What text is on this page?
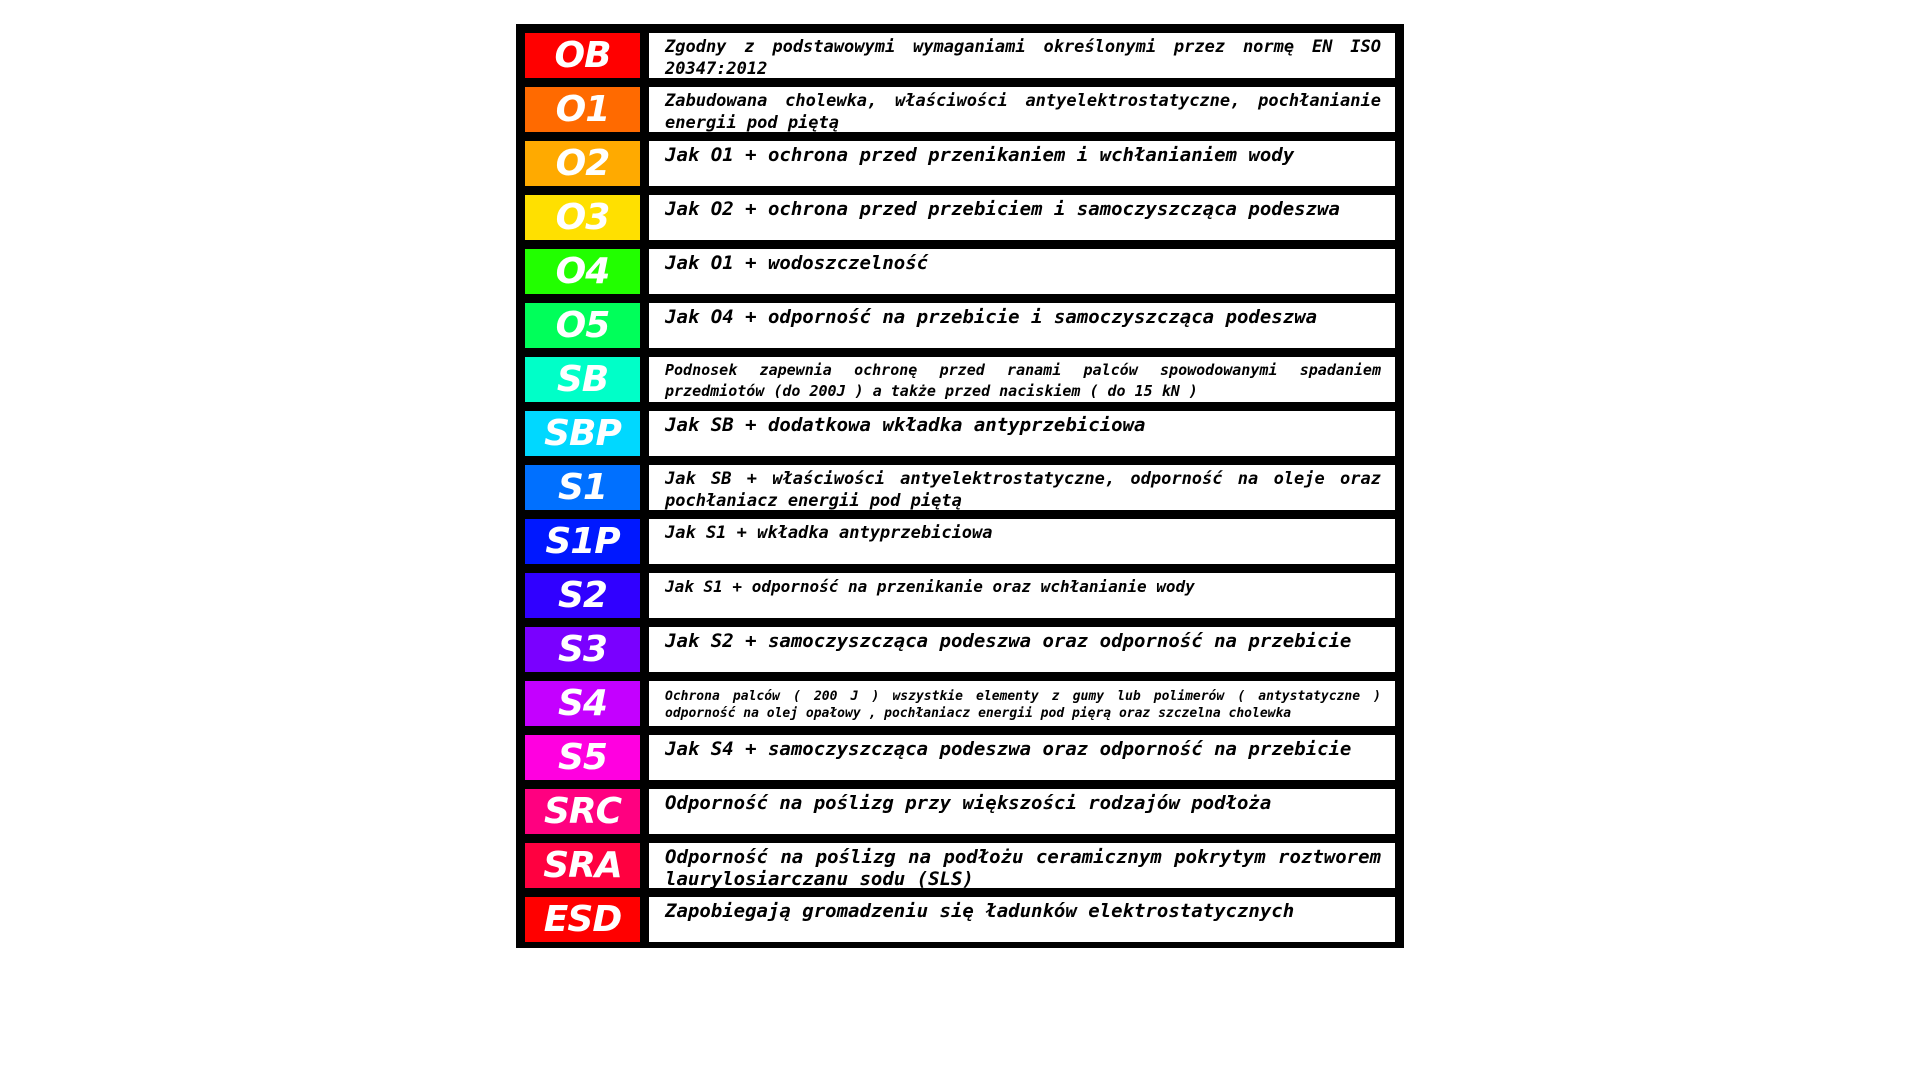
OB	Zgodny z podstawowymi wymaganiami określonymi przez normę EN ISO 20347:2012
O1	Zabudowana cholewka, właściwości antyelektrostatyczne, pochłanianie energii pod piętą
O2	Jak O1 + ochrona przed przenikaniem i wchłanianiem wody
O3	Jak O2 + ochrona przed przebiciem i samoczyszcząca podeszwa
O4	Jak O1 + wodoszczelność
O5	Jak O4 + odporność na przebicie i samoczyszcząca podeszwa
SB	Podnosek zapewnia ochronę przed ranami palców spowodowanymi spadaniem przedmiotów (do 200J ) a także przed naciskiem ( do 15 kN )
SBP	Jak SB + dodatkowa wkładka antyprzebiciowa
S1	Jak SB + właściwości antyelektrostatyczne, odporność na oleje oraz pochłaniacz energii pod piętą
S1P	Jak S1 + wkładka antyprzebiciowa
S2	Jak S1 + odporność na przenikanie oraz wchłanianie wody
S3	Jak S2 + samoczyszcząca podeszwa oraz odporność na przebicie
S4	Ochrona palców ( 200 J ) wszystkie elementy z gumy lub polimerów ( antystatyczne ) odporność na olej opałowy , pochłaniacz energii pod pięrą oraz szczelna cholewka
S5	Jak S4 + samoczyszcząca podeszwa oraz odporność na przebicie
SRC	Odporność na poślizg przy większości rodzajów podłoża
SRA	Odporność na poślizg na podłożu ceramicznym pokrytym roztworem laurylosiarczanu sodu (SLS)
ESD	Zapobiegają gromadzeniu się ładunków elektrostatycznych
